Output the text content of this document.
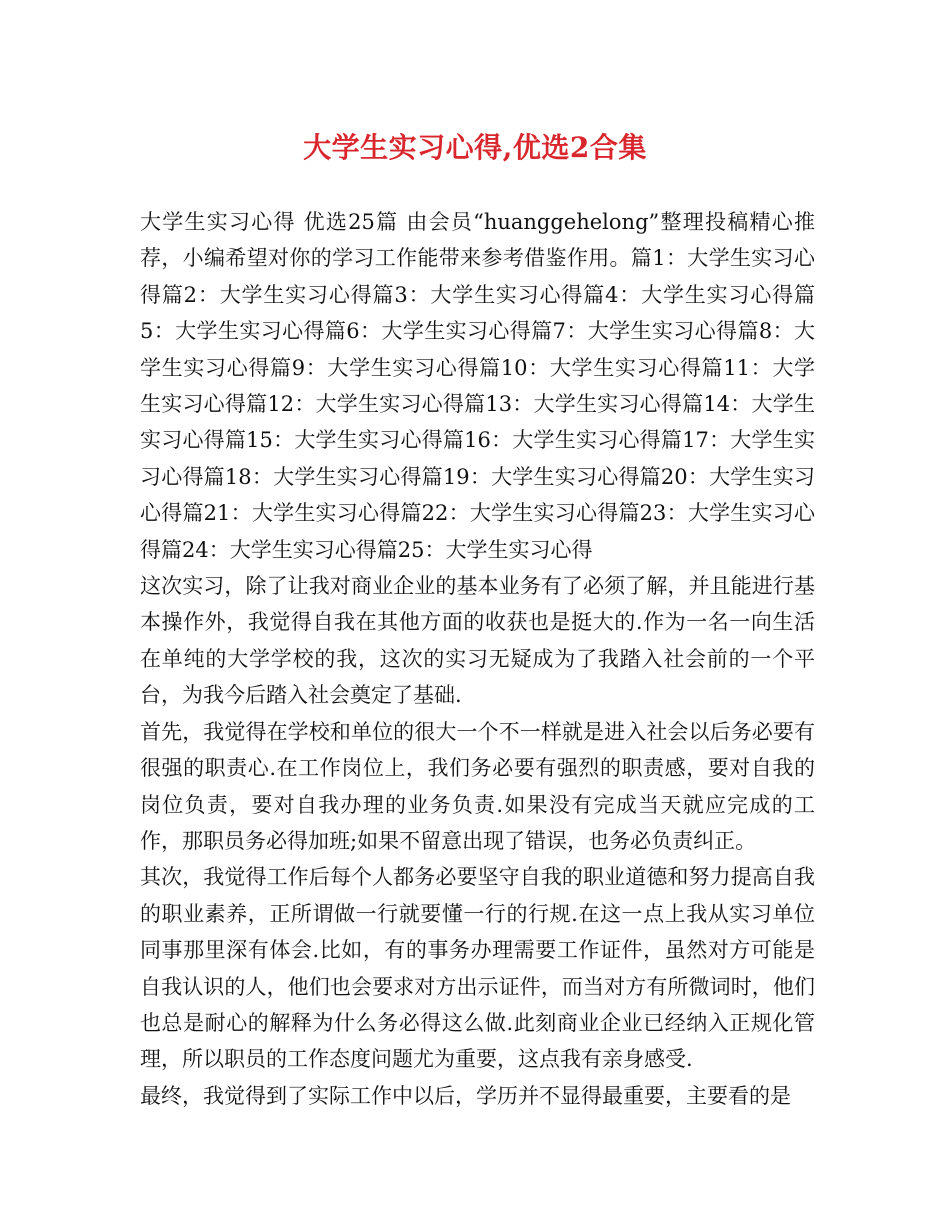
大学生实习心得,优选2合集

大学生实习心得 优选25篇 由会员“huanggehelong”整理投稿精心推荐，小编希望对你的学习工作能带来参考借鉴作用。篇1：大学生实习心得篇2：大学生实习心得篇3：大学生实习心得篇4：大学生实习心得篇5：大学生实习心得篇6：大学生实习心得篇7：大学生实习心得篇8：大学生实习心得篇9：大学生实习心得篇10：大学生实习心得篇11：大学生实习心得篇12：大学生实习心得篇13：大学生实习心得篇14：大学生实习心得篇15：大学生实习心得篇16：大学生实习心得篇17：大学生实习心得篇18：大学生实习心得篇19：大学生实习心得篇20：大学生实习心得篇21：大学生实习心得篇22：大学生实习心得篇23：大学生实习心得篇24：大学生实习心得篇25：大学生实习心得

这次实习，除了让我对商业企业的基本业务有了必须了解，并且能进行基本操作外，我觉得自我在其他方面的收获也是挺大的.作为一名一向生活在单纯的大学学校的我，这次的实习无疑成为了我踏入社会前的一个平台，为我今后踏入社会奠定了基础.

首先，我觉得在学校和单位的很大一个不一样就是进入社会以后务必要有很强的职责心.在工作岗位上，我们务必要有强烈的职责感，要对自我的岗位负责，要对自我办理的业务负责.如果没有完成当天就应完成的工作，那职员务必得加班;如果不留意出现了错误，也务必负责纠正。

其次，我觉得工作后每个人都务必要坚守自我的职业道德和努力提高自我的职业素养，正所谓做一行就要懂一行的行规.在这一点上我从实习单位同事那里深有体会.比如，有的事务办理需要工作证件，虽然对方可能是自我认识的人，他们也会要求对方出示证件，而当对方有所微词时，他们也总是耐心的解释为什么务必得这么做.此刻商业企业已经纳入正规化管理，所以职员的工作态度问题尤为重要，这点我有亲身感受.

最终，我觉得到了实际工作中以后，学历并不显得最重要，主要看的是
